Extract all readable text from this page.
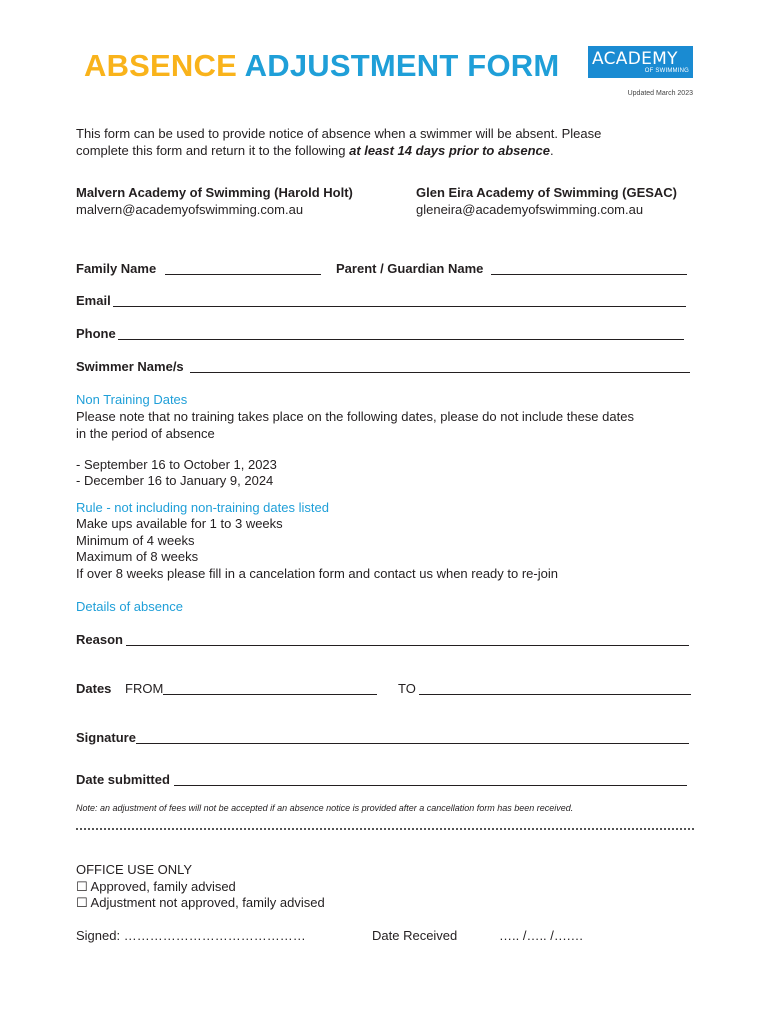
ABSENCE ADJUSTMENT FORM ACADEMY
OF SWIMMING
Updated March 2023
This form can be used to provide notice of absence when a swimmer will be absent. Please
complete this form and return it to the following at least 14 days prior to absence.
Malvern Academy of Swimming (Harold Holt)
malvern@academyofswimming.com.au
Glen Eira Academy of Swimming (GESAC)
gleneira@academyofswimming.com.au
Family Name	Parent / Guardian Name
Email
Phone
Swimmer Name/s
Non Training Dates
Please note that no training takes place on the following dates, please do not include these dates
in the period of absence
- September 16 to October 1, 2023
- December 16 to January 9, 2024
Rule - not including non-training dates listed
Make ups available for 1 to 3 weeks
Minimum of 4 weeks
Maximum of 8 weeks
If over 8 weeks please fill in a cancelation form and contact us when ready to re-join
Details of absence
Reason
Dates FROM	TO
Signature
Date submitted
Note: an adjustment of fees will not be accepted if an absence notice is provided after a cancellation form has been received.
OFFICE USE ONLY
☐ Approved, family advised
☐ Adjustment not approved, family advised
Signed: ……………………………………	Date Received	….. /….. /….…
